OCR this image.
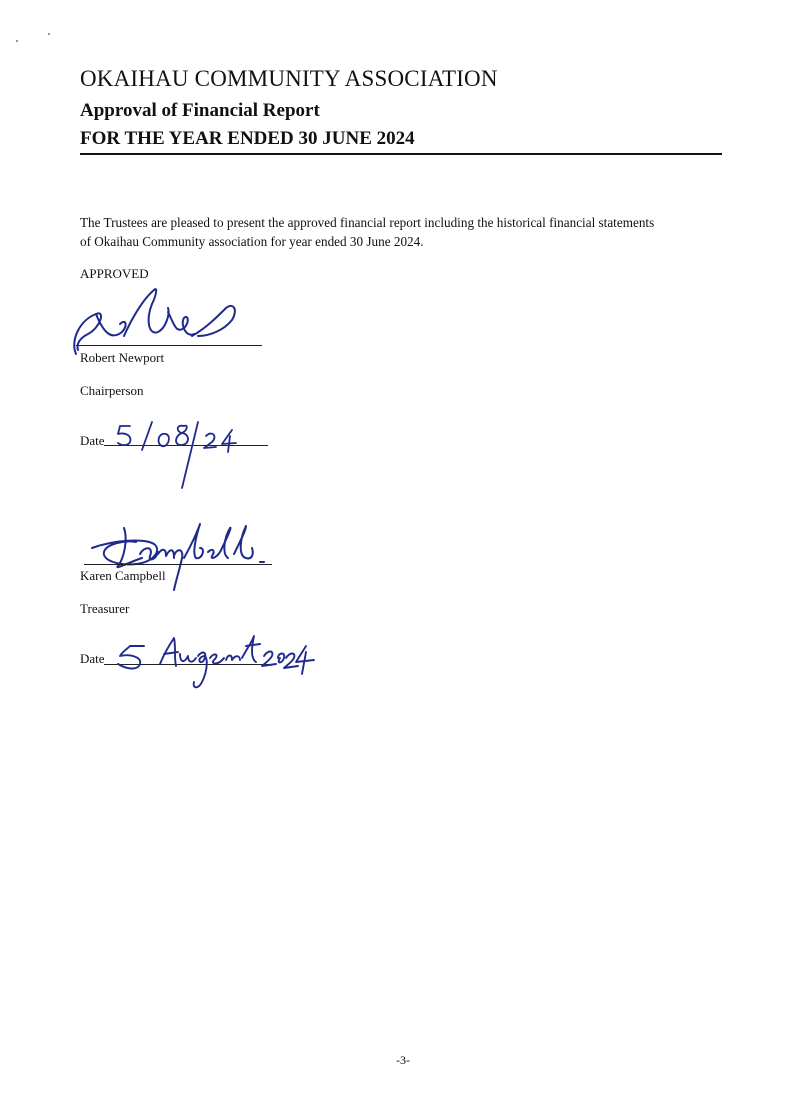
OKAIHAU COMMUNITY ASSOCIATION
Approval of Financial Report
FOR THE YEAR ENDED 30 JUNE 2024
The Trustees are pleased to present the approved financial report including the historical financial statements
of Okaihau Community association for year ended 30 June 2024.
APPROVED
Robert Newport
Chairperson
Date
Karen Campbell
Treasurer
Date
-3-
